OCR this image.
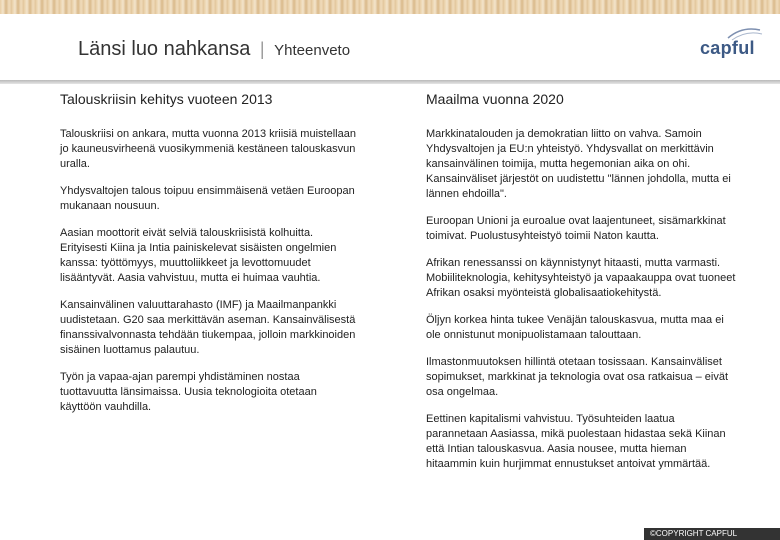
Länsi luo nahkansa | Yhteenveto	capful
Talouskriisin kehitys vuoteen 2013

Talouskriisi on ankara, mutta vuonna 2013 kriisiä muistellaan jo kauneusvirheenä vuosikymmeniä kestäneen talouskasvun uralla.

Yhdysvaltojen talous toipuu ensimmäisenä vetäen Euroopan mukanaan nousuun.

Aasian moottorit eivät selviä talouskriisistä kolhuitta. Erityisesti Kiina ja Intia painiskelevat sisäisten ongelmien kanssa: työttömyys, muuttoliikkeet ja levottomuudet lisääntyvät. Aasia vahvistuu, mutta ei huimaa vauhtia.

Kansainvälinen valuuttarahasto (IMF) ja Maailmanpankki uudistetaan. G20 saa merkittävän aseman. Kansainvälisestä finanssivalvonnasta tehdään tiukempaa, jolloin markkinoiden sisäinen luottamus palautuu.

Työn ja vapaa-ajan parempi yhdistäminen nostaa tuottavuutta länsimaissa. Uusia teknologioita otetaan käyttöön vauhdilla.

Maailma vuonna 2020

Markkinatalouden ja demokratian liitto on vahva. Samoin Yhdysvaltojen ja EU:n yhteistyö. Yhdysvallat on merkittävin kansainvälinen toimija, mutta hegemonian aika on ohi. Kansainväliset järjestöt on uudistettu "lännen johdolla, mutta ei lännen ehdoilla".

Euroopan Unioni ja euroalue ovat laajentuneet, sisämarkkinat toimivat. Puolustusyhteistyö toimii Naton kautta.

Afrikan renessanssi on käynnistynyt hitaasti, mutta varmasti. Mobiiliteknologia, kehitysyhteistyö ja vapaakauppa ovat tuoneet Afrikan osaksi myönteistä globalisaatiokehitystä.

Öljyn korkea hinta tukee Venäjän talouskasvua, mutta maa ei ole onnistunut monipuolistamaan talouttaan.

Ilmastonmuutoksen hillintä otetaan tosissaan. Kansainväliset sopimukset, markkinat ja teknologia ovat osa ratkaisua – eivät osa ongelmaa.

Eettinen kapitalismi vahvistuu. Työsuhteiden laatua parannetaan Aasiassa, mikä puolestaan hidastaa sekä Kiinan että Intian talouskasvua. Aasia nousee, mutta hieman hitaammin kuin hurjimmat ennustukset antoivat ymmärtää.

©COPYRIGHT CAPFUL
